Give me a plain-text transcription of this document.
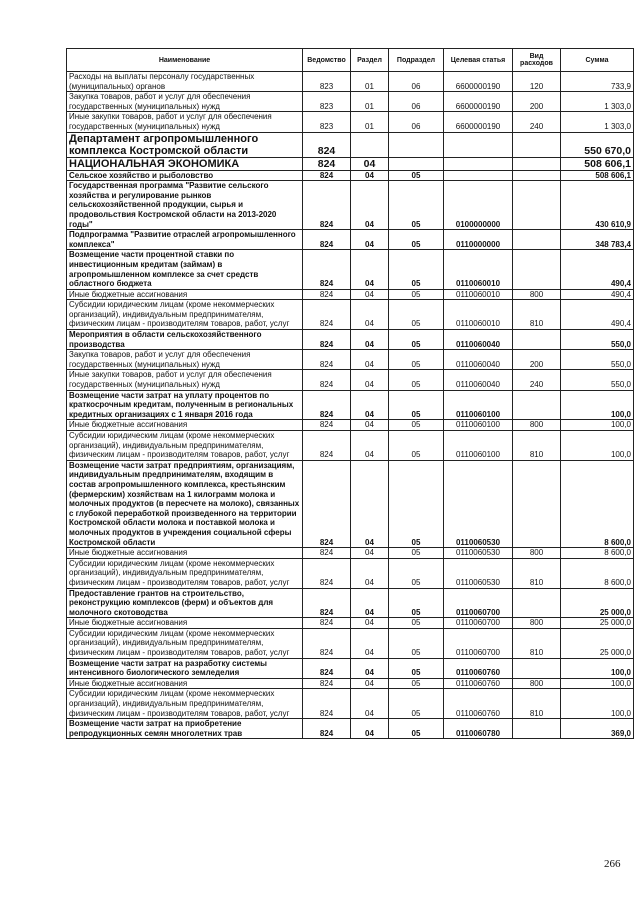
Наименование	Ведомство	Раздел	Подраздел	Целевая статья	Вид расходов	Сумма
Расходы на выплаты персоналу государственных (муниципальных) органов	823	01	06	6600000190	120	733,9
Закупка товаров, работ и услуг для обеспечения государственных (муниципальных) нужд	823	01	06	6600000190	200	1 303,0
Иные закупки товаров, работ и услуг для обеспечения государственных (муниципальных) нужд	823	01	06	6600000190	240	1 303,0
Департамент агропромышленного комплекса Костромской области	824					550 670,0
НАЦИОНАЛЬНАЯ ЭКОНОМИКА	824	04				508 606,1
Сельское хозяйство и рыболовство	824	04	05			508 606,1
Государственная программа "Развитие сельского хозяйства и регулирование рынков сельскохозяйственной продукции, сырья и продовольствия Костромской области на 2013-2020 годы"	824	04	05	0100000000		430 610,9
Подпрограмма "Развитие отраслей агропромышленного комплекса"	824	04	05	0110000000		348 783,4
Возмещение части процентной ставки по инвестиционным кредитам (займам) в агропромышленном комплексе за счет средств областного бюджета	824	04	05	0110060010		490,4
Иные бюджетные ассигнования	824	04	05	0110060010	800	490,4
Субсидии юридическим лицам (кроме некоммерческих организаций), индивидуальным предпринимателям, физическим лицам - производителям товаров, работ, услуг	824	04	05	0110060010	810	490,4
Мероприятия в области сельскохозяйственного производства	824	04	05	0110060040		550,0
Закупка товаров, работ и услуг для обеспечения государственных (муниципальных) нужд	824	04	05	0110060040	200	550,0
Иные закупки товаров, работ и услуг для обеспечения государственных (муниципальных) нужд	824	04	05	0110060040	240	550,0
Возмещение части затрат на уплату процентов по краткосрочным кредитам, полученным в региональных кредитных организациях с 1 января 2016 года	824	04	05	0110060100		100,0
Иные бюджетные ассигнования	824	04	05	0110060100	800	100,0
Субсидии юридическим лицам (кроме некоммерческих организаций), индивидуальным предпринимателям, физическим лицам - производителям товаров, работ, услуг	824	04	05	0110060100	810	100,0
Возмещение части затрат предприятиям, организациям, индивидуальным предпринимателям, входящим в состав агропромышленного комплекса, крестьянским (фермерским) хозяйствам на 1 килограмм молока и молочных продуктов (в пересчете на молоко), связанных с глубокой переработкой произведенного на территории Костромской области молока и поставкой молока и молочных продуктов в учреждения социальной сферы Костромской области	824	04	05	0110060530		8 600,0
Иные бюджетные ассигнования	824	04	05	0110060530	800	8 600,0
Субсидии юридическим лицам (кроме некоммерческих организаций), индивидуальным предпринимателям, физическим лицам - производителям товаров, работ, услуг	824	04	05	0110060530	810	8 600,0
Предоставление грантов на строительство, реконструкцию комплексов (ферм) и объектов для молочного скотоводства	824	04	05	0110060700		25 000,0
Иные бюджетные ассигнования	824	04	05	0110060700	800	25 000,0
Субсидии юридическим лицам (кроме некоммерческих организаций), индивидуальным предпринимателям, физическим лицам - производителям товаров, работ, услуг	824	04	05	0110060700	810	25 000,0
Возмещение части затрат на разработку системы интенсивного биологического земледелия	824	04	05	0110060760		100,0
Иные бюджетные ассигнования	824	04	05	0110060760	800	100,0
Субсидии юридическим лицам (кроме некоммерческих организаций), индивидуальным предпринимателям, физическим лицам - производителям товаров, работ, услуг	824	04	05	0110060760	810	100,0
Возмещение части затрат на приобретение репродукционных семян многолетних трав	824	04	05	0110060780		369,0
266
